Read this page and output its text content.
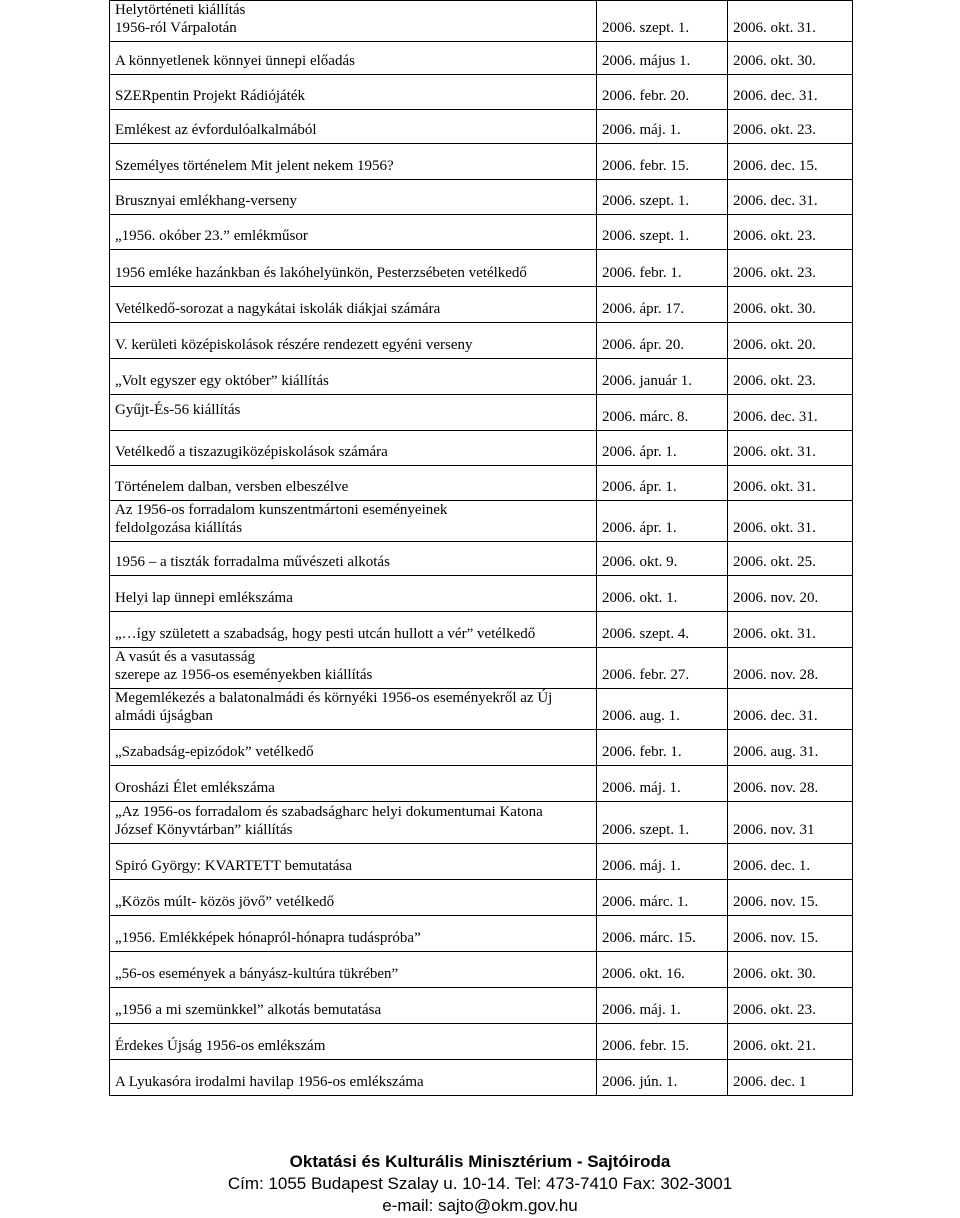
Helytörténeti kiállítás
1956-ról Várpalotán	2006. szept. 1.	2006. okt. 31.
A könnyetlenek könnyei ünnepi előadás	2006. május 1.	2006. okt. 30.
SZERpentin Projekt Rádiójáték	2006. febr. 20.	2006. dec. 31.
Emlékest az évfordulóalkalmából	2006. máj. 1.	2006. okt. 23.
Személyes történelem Mit jelent nekem 1956?	2006. febr. 15.	2006. dec. 15.
Brusznyai emlékhang-verseny	2006. szept. 1.	2006. dec. 31.
„1956. okóber 23.” emlékműsor	2006. szept. 1.	2006. okt. 23.
1956 emléke hazánkban és lakóhelyünkön, Pesterzsébeten vetélkedő	2006. febr. 1.	2006. okt. 23.
Vetélkedő-sorozat a nagykátai iskolák diákjai számára	2006. ápr. 17.	2006. okt. 30.
V. kerületi középiskolások részére rendezett egyéni verseny	2006. ápr. 20.	2006. okt. 20.
„Volt egyszer egy október” kiállítás	2006. január 1.	2006. okt. 23.
Gyűjt-És-56 kiállítás	2006. márc. 8.	2006. dec. 31.
Vetélkedő a tiszazugiközépiskolások számára	2006. ápr. 1.	2006. okt. 31.
Történelem dalban, versben elbeszélve	2006. ápr. 1.	2006. okt. 31.
Az 1956-os forradalom kunszentmártoni eseményeinek
feldolgozása kiállítás	2006. ápr. 1.	2006. okt. 31.
1956 – a tiszták forradalma művészeti alkotás	2006. okt. 9.	2006. okt. 25.
Helyi lap ünnepi emlékszáma	2006. okt. 1.	2006. nov. 20.
„…így született a szabadság, hogy pesti utcán hullott a vér” vetélkedő	2006. szept. 4.	2006. okt. 31.
A vasút és a vasutasság
szerepe az 1956-os eseményekben kiállítás	2006. febr. 27.	2006. nov. 28.
Megemlékezés a balatonalmádi és környéki 1956-os eseményekről az Új
almádi újságban	2006. aug. 1.	2006. dec. 31.
„Szabadság-epizódok” vetélkedő	2006. febr. 1.	2006. aug. 31.
Orosházi Élet emlékszáma	2006. máj. 1.	2006. nov. 28.
„Az 1956-os forradalom és szabadságharc helyi dokumentumai Katona
József Könyvtárban” kiállítás	2006. szept. 1.	2006. nov. 31
Spiró György: KVARTETT bemutatása	2006. máj. 1.	2006. dec. 1.
„Közös múlt- közös jövő” vetélkedő	2006. márc. 1.	2006. nov. 15.
„1956. Emlékképek hónapról-hónapra tudáspróba”	2006. márc. 15.	2006. nov. 15.
„56-os események a bányász-kultúra tükrében”	2006. okt. 16.	2006. okt. 30.
„1956 a mi szemünkkel” alkotás bemutatása	2006. máj. 1.	2006. okt. 23.
Érdekes Újság 1956-os emlékszám	2006. febr. 15.	2006. okt. 21.
A Lyukasóra irodalmi havilap 1956-os emlékszáma	2006. jún. 1.	2006. dec. 1
Oktatási és Kulturális Minisztérium - Sajtóiroda
Cím: 1055 Budapest Szalay u. 10-14. Tel: 473-7410 Fax: 302-3001
e-mail: sajto@okm.gov.hu
